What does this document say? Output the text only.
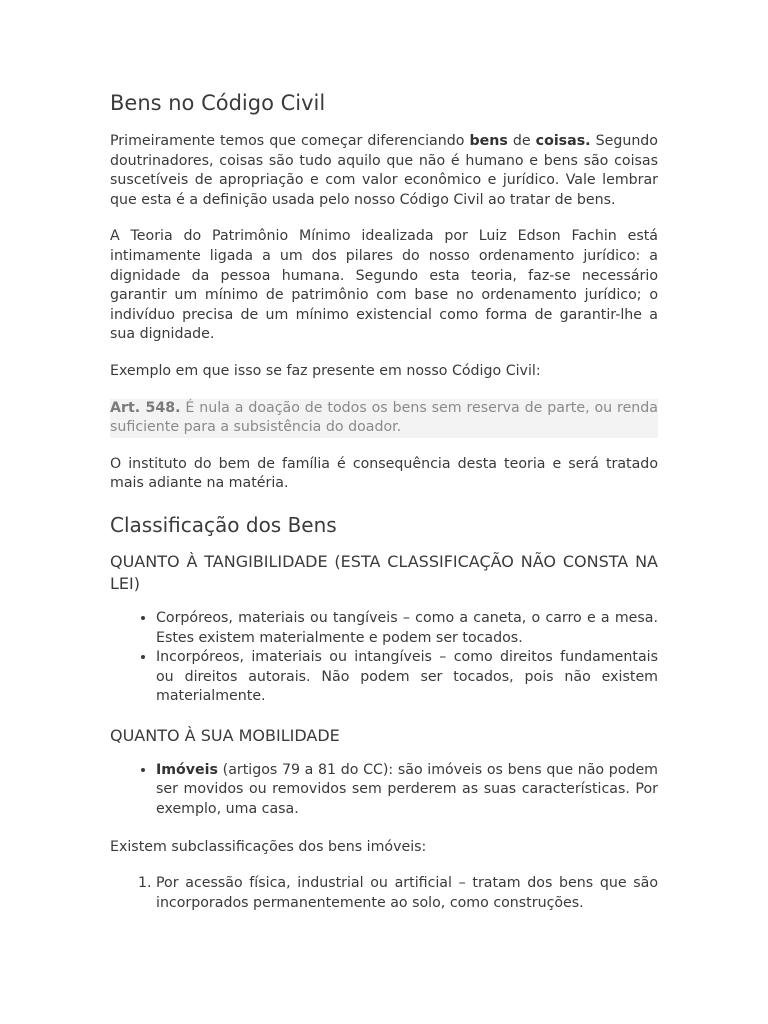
Bens no Código Civil

Primeiramente temos que começar diferenciando bens de coisas. Segundo doutrinadores, coisas são tudo aquilo que não é humano e bens são coisas suscetíveis de apropriação e com valor econômico e jurídico. Vale lembrar que esta é a definição usada pelo nosso Código Civil ao tratar de bens.

A Teoria do Patrimônio Mínimo idealizada por Luiz Edson Fachin está intimamente ligada a um dos pilares do nosso ordenamento jurídico: a dignidade da pessoa humana. Segundo esta teoria, faz-se necessário garantir um mínimo de patrimônio com base no ordenamento jurídico; o indivíduo precisa de um mínimo existencial como forma de garantir-lhe a sua dignidade.

Exemplo em que isso se faz presente em nosso Código Civil:

Art. 548. É nula a doação de todos os bens sem reserva de parte, ou renda suficiente para a subsistência do doador.

O instituto do bem de família é consequência desta teoria e será tratado mais adiante na matéria.

Classificação dos Bens
QUANTO À TANGIBILIDADE (ESTA CLASSIFICAÇÃO NÃO CONSTA NA LEI)
• Corpóreos, materiais ou tangíveis – como a caneta, o carro e a mesa. Estes existem materialmente e podem ser tocados.
• Incorpóreos, imateriais ou intangíveis – como direitos fundamentais ou direitos autorais. Não podem ser tocados, pois não existem materialmente.
QUANTO À SUA MOBILIDADE
• Imóveis (artigos 79 a 81 do CC): são imóveis os bens que não podem ser movidos ou removidos sem perderem as suas características. Por exemplo, uma casa.

Existem subclassificações dos bens imóveis:

1. Por acessão física, industrial ou artificial – tratam dos bens que são incorporados permanentemente ao solo, como construções.
